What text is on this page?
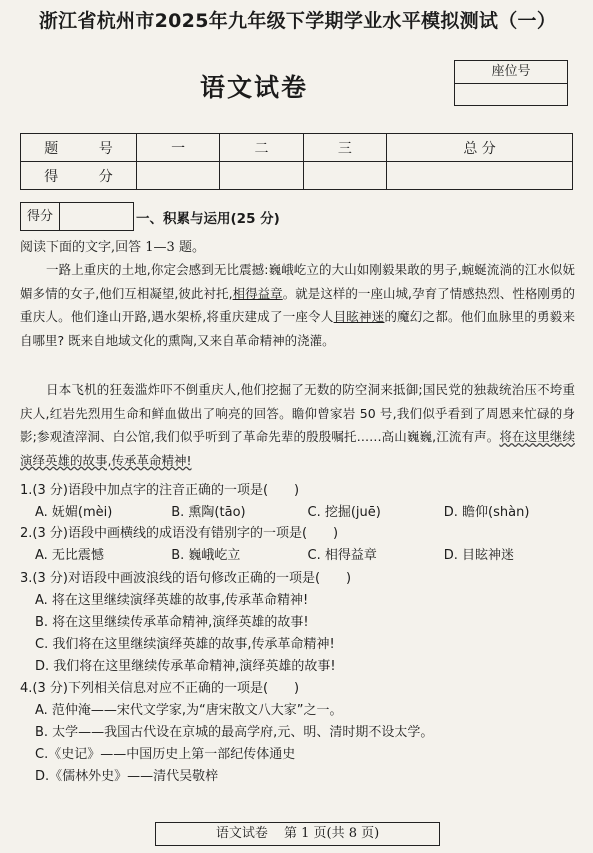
浙江省杭州市2025年九年级下学期学业水平模拟测试（一）
语文试卷
座位号
题 号	一	二	三	总 分
得 分				
得分	一、积累与运用(25 分)
阅读下面的文字,回答 1—3 题。
一路上重庆的土地,你定会感到无比震撼:巍峨屹立的大山如刚毅果敢的男子,蜿蜒流淌的江水似妩媚多情的女子,他们互相凝望,彼此衬托,相得益章。就是这样的一座山城,孕育了情感热烈、性格刚勇的重庆人。他们逢山开路,遇水架桥,将重庆建成了一座令人目眩神迷的魔幻之都。他们血脉里的勇毅来自哪里? 既来自地域文化的熏陶,又来自革命精神的浇灌。
日本飞机的狂轰滥炸吓不倒重庆人,他们挖掘了无数的防空洞来抵御;国民党的独裁统治压不垮重庆人,红岩先烈用生命和鲜血做出了响亮的回答。瞻仰曾家岩 50 号,我们似乎看到了周恩来忙碌的身影;参观渣滓洞、白公馆,我们似乎听到了革命先辈的殷殷嘱托……高山巍巍,江流有声。将在这里继续演绎英雄的故事,传承革命精神!
1.(3 分)语段中加点字的注音正确的一项是(　　)
A. 妩媚(mèi)	B. 熏陶(tāo)	C. 挖掘(juē)	D. 瞻仰(shàn)
2.(3 分)语段中画横线的成语没有错别字的一项是(　　)
A. 无比震憾	B. 巍峨屹立	C. 相得益章	D. 目眩神迷
3.(3 分)对语段中画波浪线的语句修改正确的一项是(　　)
A. 将在这里继续演绎英雄的故事,传承革命精神!
B. 将在这里继续传承革命精神,演绎英雄的故事!
C. 我们将在这里继续演绎英雄的故事,传承革命精神!
D. 我们将在这里继续传承革命精神,演绎英雄的故事!
4.(3 分)下列相关信息对应不正确的一项是(　　)
A. 范仲淹——宋代文学家,为“唐宋散文八大家”之一。
B. 太学——我国古代设在京城的最高学府,元、明、清时期不设太学。
C.《史记》——中国历史上第一部纪传体通史
D.《儒林外史》——清代吴敬梓
语文试卷 第 1 页(共 8 页)
